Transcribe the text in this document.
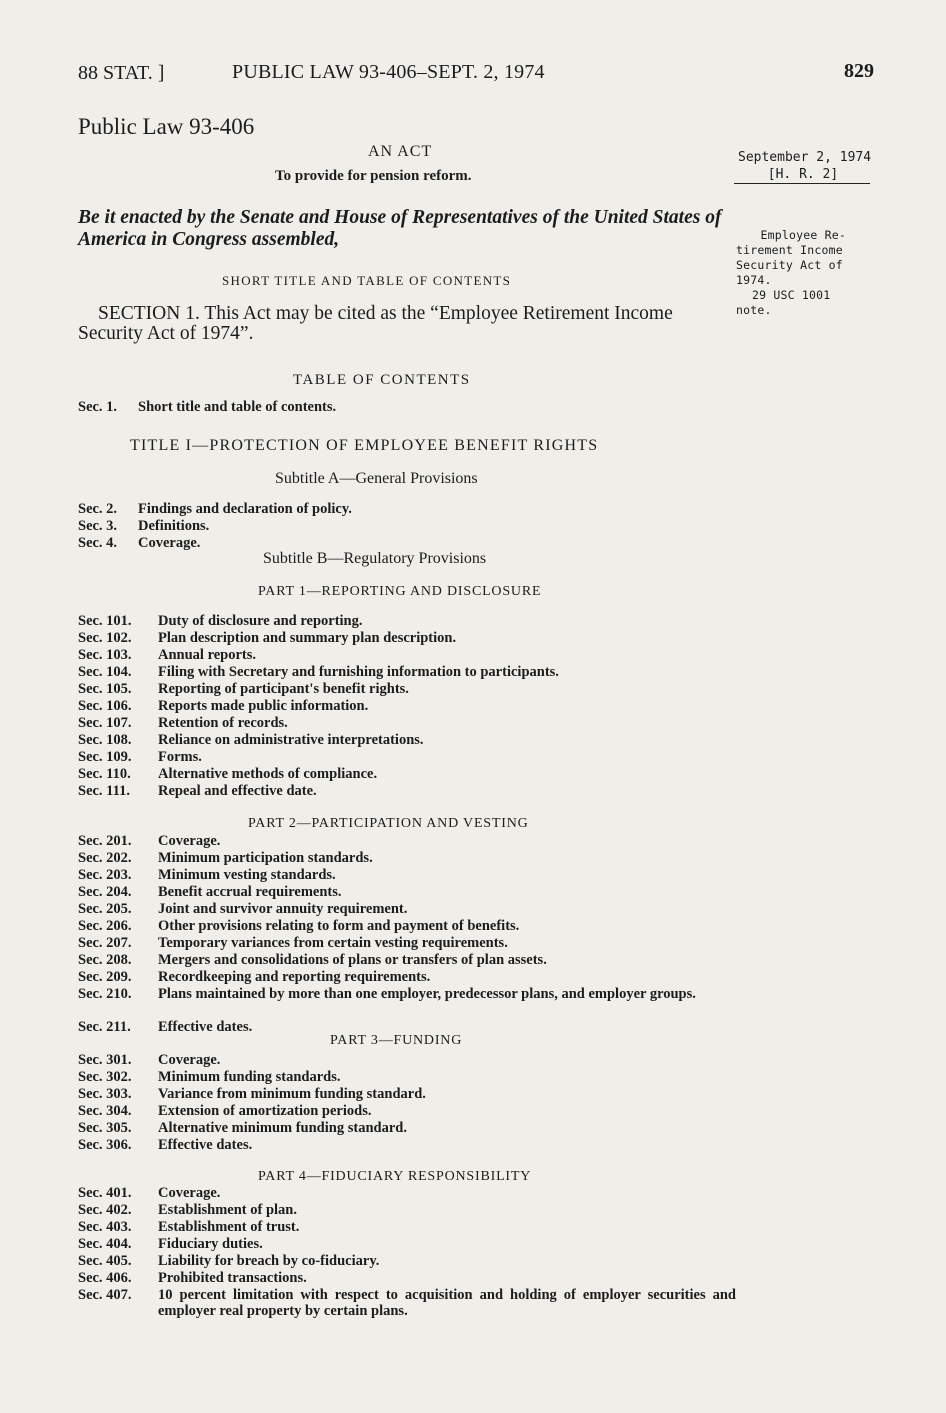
88 STAT. ]	PUBLIC LAW 93-406–SEPT. 2, 1974	829
Public Law 93-406
AN ACT
To provide for pension reform.
September 2, 1974
[H. R. 2]
Be it enacted by the Senate and House of Representatives of the United States of America in Congress assembled,	Employee Re-
tirement Income
Security Act of
1974.
29 USC 1001
note.
SHORT TITLE AND TABLE OF CONTENTS
SECTION 1. This Act may be cited as the “Employee Retirement Income Security Act of 1974”.
TABLE OF CONTENTS
Sec. 1. Short title and table of contents.
TITLE I—PROTECTION OF EMPLOYEE BENEFIT RIGHTS
Subtitle A—General Provisions
Sec. 2. Findings and declaration of policy.
Sec. 3. Definitions.
Sec. 4. Coverage.
Subtitle B—Regulatory Provisions
PART 1—REPORTING AND DISCLOSURE
Sec. 101. Duty of disclosure and reporting.
Sec. 102. Plan description and summary plan description.
Sec. 103. Annual reports.
Sec. 104. Filing with Secretary and furnishing information to participants.
Sec. 105. Reporting of participant's benefit rights.
Sec. 106. Reports made public information.
Sec. 107. Retention of records.
Sec. 108. Reliance on administrative interpretations.
Sec. 109. Forms.
Sec. 110. Alternative methods of compliance.
Sec. 111. Repeal and effective date.
PART 2—PARTICIPATION AND VESTING
Sec. 201. Coverage.
Sec. 202. Minimum participation standards.
Sec. 203. Minimum vesting standards.
Sec. 204. Benefit accrual requirements.
Sec. 205. Joint and survivor annuity requirement.
Sec. 206. Other provisions relating to form and payment of benefits.
Sec. 207. Temporary variances from certain vesting requirements.
Sec. 208. Mergers and consolidations of plans or transfers of plan assets.
Sec. 209. Recordkeeping and reporting requirements.
Sec. 210. Plans maintained by more than one employer, predecessor plans, and employer groups.
Sec. 211. Effective dates.
PART 3—FUNDING
Sec. 301. Coverage.
Sec. 302. Minimum funding standards.
Sec. 303. Variance from minimum funding standard.
Sec. 304. Extension of amortization periods.
Sec. 305. Alternative minimum funding standard.
Sec. 306. Effective dates.
PART 4—FIDUCIARY RESPONSIBILITY
Sec. 401. Coverage.
Sec. 402. Establishment of plan.
Sec. 403. Establishment of trust.
Sec. 404. Fiduciary duties.
Sec. 405. Liability for breach by co-fiduciary.
Sec. 406. Prohibited transactions.
Sec. 407. 10 percent limitation with respect to acquisition and holding of employer securities and employer real property by certain plans.
